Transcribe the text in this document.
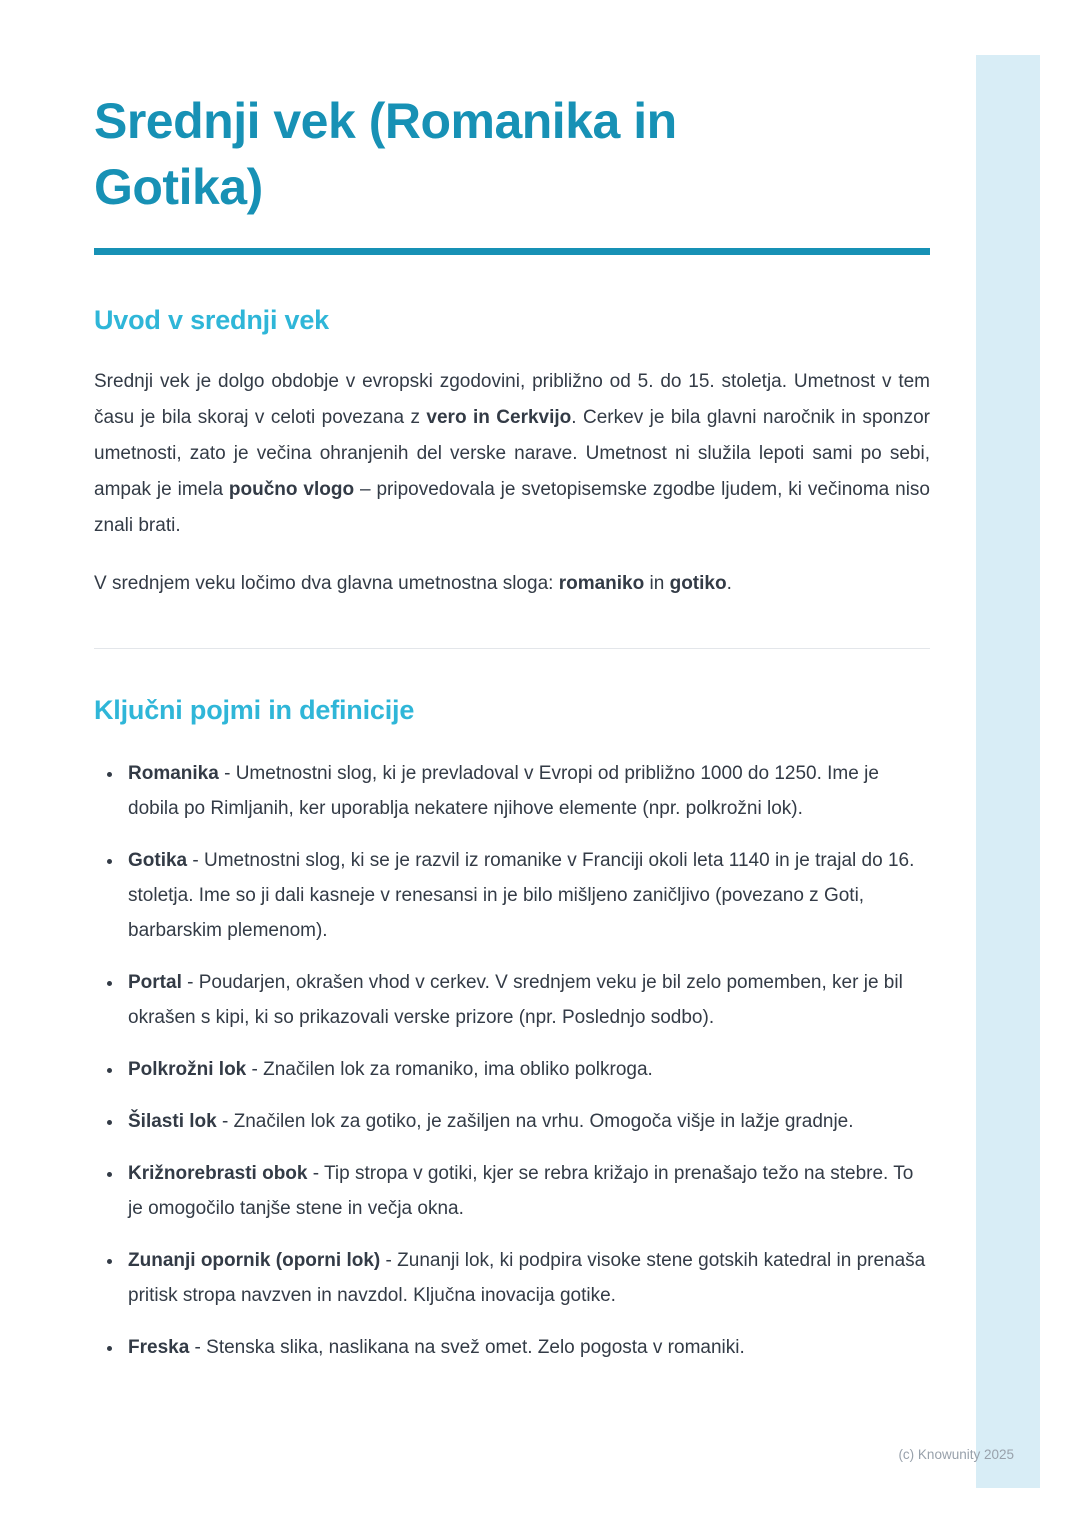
Srednji vek (Romanika in Gotika)
Uvod v srednji vek

Srednji vek je dolgo obdobje v evropski zgodovini, približno od 5. do 15. stoletja. Umetnost v tem času je bila skoraj v celoti povezana z vero in Cerkvijo. Cerkev je bila glavni naročnik in sponzor umetnosti, zato je večina ohranjenih del verske narave. Umetnost ni služila lepoti sami po sebi, ampak je imela poučno vlogo – pripovedovala je svetopisemske zgodbe ljudem, ki večinoma niso znali brati.

V srednjem veku ločimo dva glavna umetnostna sloga: romaniko in gotiko.

Ključni pojmi in definicije
• Romanika - Umetnostni slog, ki je prevladoval v Evropi od približno 1000 do 1250. Ime je dobila po Rimljanih, ker uporablja nekatere njihove elemente (npr. polkrožni lok).
• Gotika - Umetnostni slog, ki se je razvil iz romanike v Franciji okoli leta 1140 in je trajal do 16. stoletja. Ime so ji dali kasneje v renesansi in je bilo mišljeno zaničljivo (povezano z Goti, barbarskim plemenom).
• Portal - Poudarjen, okrašen vhod v cerkev. V srednjem veku je bil zelo pomemben, ker je bil okrašen s kipi, ki so prikazovali verske prizore (npr. Poslednjo sodbo).
• Polkrožni lok - Značilen lok za romaniko, ima obliko polkroga.
• Šilasti lok - Značilen lok za gotiko, je zašiljen na vrhu. Omogoča višje in lažje gradnje.
• Križnorebrasti obok - Tip stropa v gotiki, kjer se rebra križajo in prenašajo težo na stebre. To je omogočilo tanjše stene in večja okna.
• Zunanji opornik (oporni lok) - Zunanji lok, ki podpira visoke stene gotskih katedral in prenaša pritisk stropa navzven in navzdol. Ključna inovacija gotike.
• Freska - Stenska slika, naslikana na svež omet. Zelo pogosta v romaniki.
(c) Knowunity 2025
